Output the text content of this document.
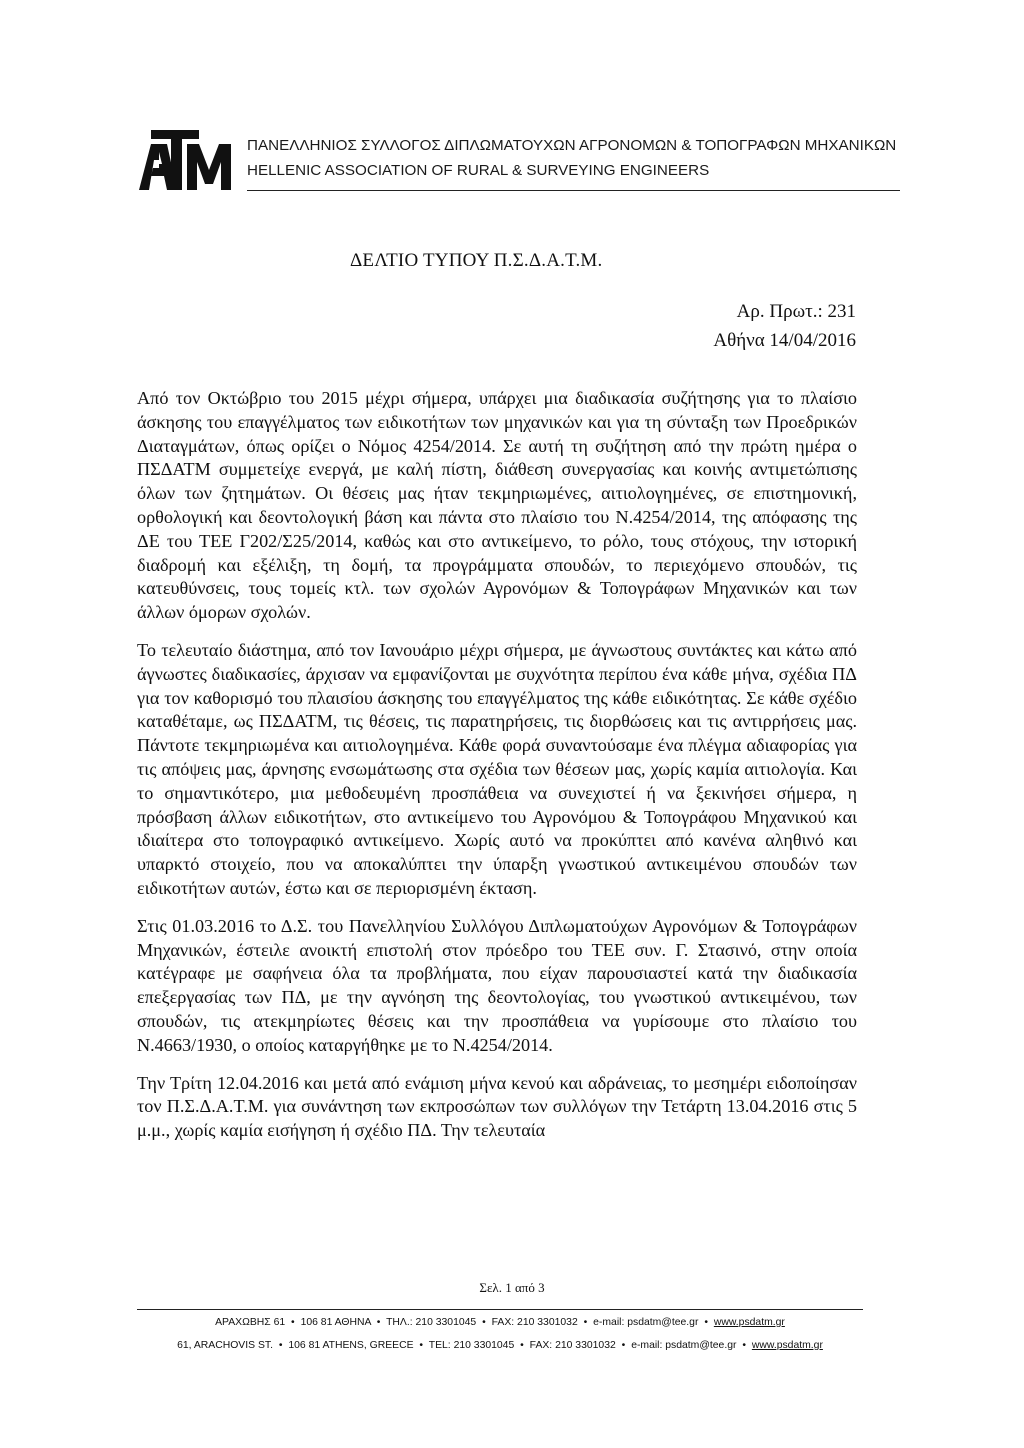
ΠΑΝΕΛΛΗΝΙΟΣ ΣΥΛΛΟΓΟΣ ΔΙΠΛΩΜΑΤΟΥΧΩΝ ΑΓΡΟΝΟΜΩΝ & ΤΟΠΟΓΡΑΦΩΝ ΜΗΧΑΝΙΚΩΝ
HELLENIC ASSOCIATION OF RURAL & SURVEYING ENGINEERS
ΔΕΛΤΙΟ ΤΥΠΟΥ Π.Σ.Δ.Α.Τ.Μ.
Αρ. Πρωτ.: 231
Αθήνα 14/04/2016

Από τον Οκτώβριο του 2015 μέχρι σήμερα, υπάρχει μια διαδικασία συζήτησης για το πλαίσιο άσκησης του επαγγέλματος των ειδικοτήτων των μηχανικών και για τη σύνταξη των Προεδρικών Διαταγμάτων, όπως ορίζει ο Νόμος 4254/2014. Σε αυτή τη συζήτηση από την πρώτη ημέρα ο ΠΣΔΑΤΜ συμμετείχε ενεργά, με καλή πίστη, διάθεση συνεργασίας και κοινής αντιμετώπισης όλων των ζητημάτων. Οι θέσεις μας ήταν τεκμηριωμένες, αιτιολογημένες, σε επιστημονική, ορθολογική και δεοντολογική βάση και πάντα στο πλαίσιο του Ν.4254/2014, της απόφασης της ΔΕ του ΤΕΕ Γ202/Σ25/2014, καθώς και στο αντικείμενο, το ρόλο, τους στόχους, την ιστορική διαδρομή και εξέλιξη, τη δομή, τα προγράμματα σπουδών, το περιεχόμενο σπουδών, τις κατευθύνσεις, τους τομείς κτλ. των σχολών Αγρονόμων & Τοπογράφων Μηχανικών και των άλλων όμορων σχολών.

Το τελευταίο διάστημα, από τον Ιανουάριο μέχρι σήμερα, με άγνωστους συντάκτες και κάτω από άγνωστες διαδικασίες, άρχισαν να εμφανίζονται με συχνότητα περίπου ένα κάθε μήνα, σχέδια ΠΔ για τον καθορισμό του πλαισίου άσκησης του επαγγέλματος της κάθε ειδικότητας. Σε κάθε σχέδιο καταθέταμε, ως ΠΣΔΑΤΜ, τις θέσεις, τις παρατηρήσεις, τις διορθώσεις και τις αντιρρήσεις μας. Πάντοτε τεκμηριωμένα και αιτιολογημένα. Κάθε φορά συναντούσαμε ένα πλέγμα αδιαφορίας για τις απόψεις μας, άρνησης ενσωμάτωσης στα σχέδια των θέσεων μας, χωρίς καμία αιτιολογία. Και το σημαντικότερο, μια μεθοδευμένη προσπάθεια να συνεχιστεί ή να ξεκινήσει σήμερα, η πρόσβαση άλλων ειδικοτήτων, στο αντικείμενο του Αγρονόμου & Τοπογράφου Μηχανικού και ιδιαίτερα στο τοπογραφικό αντικείμενο. Χωρίς αυτό να προκύπτει από κανένα αληθινό και υπαρκτό στοιχείο, που να αποκαλύπτει την ύπαρξη γνωστικού αντικειμένου σπουδών των ειδικοτήτων αυτών, έστω και σε περιορισμένη έκταση.

Στις 01.03.2016 το Δ.Σ. του Πανελληνίου Συλλόγου Διπλωματούχων Αγρονόμων & Τοπογράφων Μηχανικών, έστειλε ανοικτή επιστολή στον πρόεδρο του ΤΕΕ συν. Γ. Στασινό, στην οποία κατέγραφε με σαφήνεια όλα τα προβλήματα, που είχαν παρουσιαστεί κατά την διαδικασία επεξεργασίας των ΠΔ, με την αγνόηση της δεοντολογίας, του γνωστικού αντικειμένου, των σπουδών, τις ατεκμηρίωτες θέσεις και την προσπάθεια να γυρίσουμε στο πλαίσιο του Ν.4663/1930, ο οποίος καταργήθηκε με το Ν.4254/2014.

Την Τρίτη 12.04.2016 και μετά από ενάμιση μήνα κενού και αδράνειας, το μεσημέρι ειδοποίησαν τον Π.Σ.Δ.Α.Τ.Μ. για συνάντηση των εκπροσώπων των συλλόγων την Τετάρτη 13.04.2016 στις 5 μ.μ., χωρίς καμία εισήγηση ή σχέδιο ΠΔ. Την τελευταία

Σελ. 1 από 3
ΑΡΑΧΩΒΗΣ 61 • 106 81 ΑΘΗΝΑ • ΤΗΛ.: 210 3301045 • FAX: 210 3301032 • e-mail: psdatm@tee.gr • www.psdatm.gr
61, ARACHOVIS ST. • 106 81 ATHENS, GREECE • TEL: 210 3301045 • FAX: 210 3301032 • e-mail: psdatm@tee.gr • www.psdatm.gr
